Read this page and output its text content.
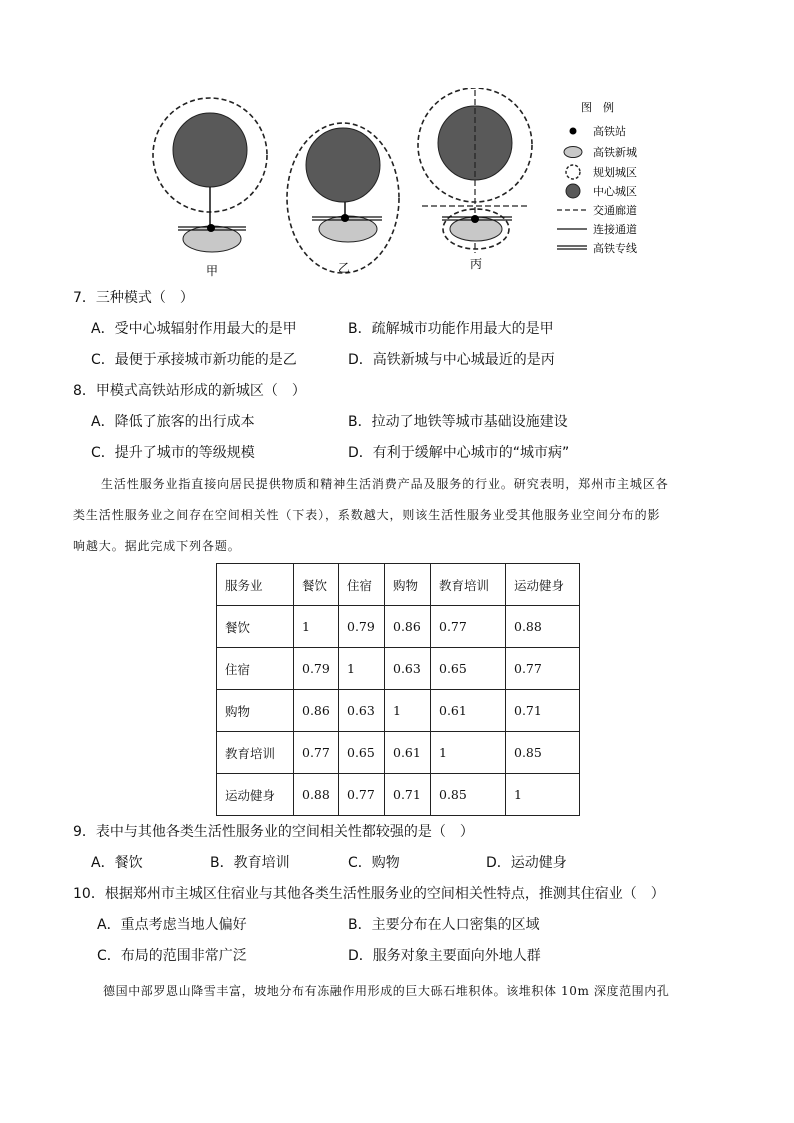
甲	乙	丙
图　例
高铁站
高铁新城
规划城区
中心城区
交通廊道
连接通道
高铁专线
7．三种模式（　）
A．受中心城辐射作用最大的是甲	B．疏解城市功能作用最大的是甲
C．最便于承接城市新功能的是乙	D．高铁新城与中心城最近的是丙
8．甲模式高铁站形成的新城区（　）
A．降低了旅客的出行成本	B．拉动了地铁等城市基础设施建设
C．提升了城市的等级规模	D．有利于缓解中心城市的“城市病”
生活性服务业指直接向居民提供物质和精神生活消费产品及服务的行业。研究表明，郑州市主城区各
类生活性服务业之间存在空间相关性（下表），系数越大，则该生活性服务业受其他服务业空间分布的影
响越大。据此完成下列各题。
服务业	餐饮	住宿	购物	教育培训	运动健身
餐饮	1	0.79	0.86	0.77	0.88
住宿	0.79	1	0.63	0.65	0.77
购物	0.86	0.63	1	0.61	0.71
教育培训	0.77	0.65	0.61	1	0.85
运动健身	0.88	0.77	0.71	0.85	1
9．表中与其他各类生活性服务业的空间相关性都较强的是（　）
A．餐饮	B．教育培训	C．购物	D．运动健身
10．根据郑州市主城区住宿业与其他各类生活性服务业的空间相关性特点，推测其住宿业（　）
A．重点考虑当地人偏好	B．主要分布在人口密集的区域
C．布局的范围非常广泛	D．服务对象主要面向外地人群
德国中部罗恩山降雪丰富，坡地分布有冻融作用形成的巨大砾石堆积体。该堆积体 10m 深度范围内孔
